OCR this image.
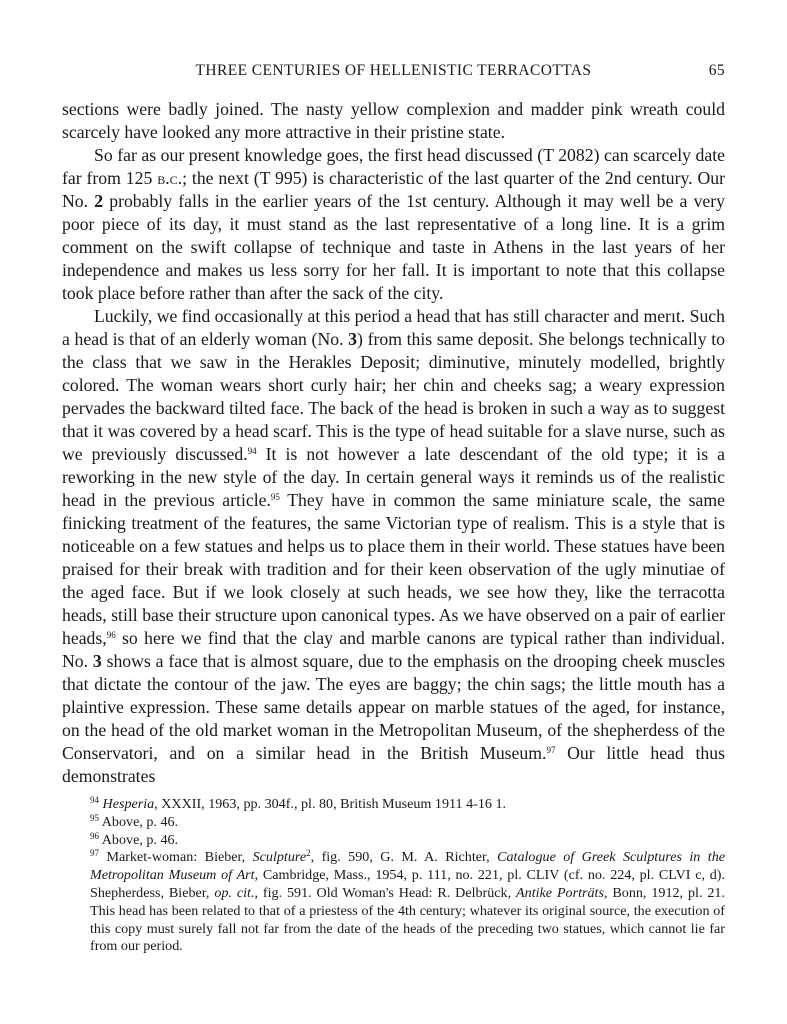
THREE CENTURIES OF HELLENISTIC TERRACOTTAS	65

sections were badly joined. The nasty yellow complexion and madder pink wreath could scarcely have looked any more attractive in their pristine state.

So far as our present knowledge goes, the first head discussed (T 2082) can scarcely date far from 125 b.c.; the next (T 995) is characteristic of the last quarter of the 2nd century. Our No. 2 probably falls in the earlier years of the 1st century. Although it may well be a very poor piece of its day, it must stand as the last representative of a long line. It is a grim comment on the swift collapse of technique and taste in Athens in the last years of her independence and makes us less sorry for her fall. It is important to note that this collapse took place before rather than after the sack of the city.

Luckily, we find occasionally at this period a head that has still character and merıt. Such a head is that of an elderly woman (No. 3) from this same deposit. She belongs technically to the class that we saw in the Herakles Deposit; diminutive, minutely modelled, brightly colored. The woman wears short curly hair; her chin and cheeks sag; a weary expression pervades the backward tilted face. The back of the head is broken in such a way as to suggest that it was covered by a head scarf. This is the type of head suitable for a slave nurse, such as we previously discussed.$^{94}$ It is not however a late descendant of the old type; it is a reworking in the new style of the day. In certain general ways it reminds us of the realistic head in the previous article.$^{95}$ They have in common the same miniature scale, the same finicking treatment of the features, the same Victorian type of realism. This is a style that is noticeable on a few statues and helps us to place them in their world. These statues have been praised for their break with tradition and for their keen observation of the ugly minutiae of the aged face. But if we look closely at such heads, we see how they, like the terracotta heads, still base their structure upon canonical types. As we have observed on a pair of earlier heads,$^{96}$ so here we find that the clay and marble canons are typical rather than individual. No. 3 shows a face that is almost square, due to the emphasis on the drooping cheek muscles that dictate the contour of the jaw. The eyes are baggy; the chin sags; the little mouth has a plaintive expression. These same details appear on marble statues of the aged, for instance, on the head of the old market woman in the Metropolitan Museum, of the shepherdess of the Conservatori, and on a similar head in the British Museum.$^{97}$ Our little head thus demonstrates

$^{94}$ Hesperia, XXXII, 1963, pp. 304f., pl. 80, British Museum 1911 4-16 1.

$^{95}$ Above, p. 46.

$^{96}$ Above, p. 46.

$^{97}$ Market-woman: Bieber, Sculpture$^2$, fig. 590, G. M. A. Richter, Catalogue of Greek Sculptures in the Metropolitan Museum of Art, Cambridge, Mass., 1954, p. 111, no. 221, pl. CLIV (cf. no. 224, pl. CLVI c, d). Shepherdess, Bieber, op. cit., fig. 591. Old Woman's Head: R. Delbrück, Antike Porträts, Bonn, 1912, pl. 21. This head has been related to that of a priestess of the 4th century; whatever its original source, the execution of this copy must surely fall not far from the date of the heads of the preceding two statues, which cannot lie far from our period.
